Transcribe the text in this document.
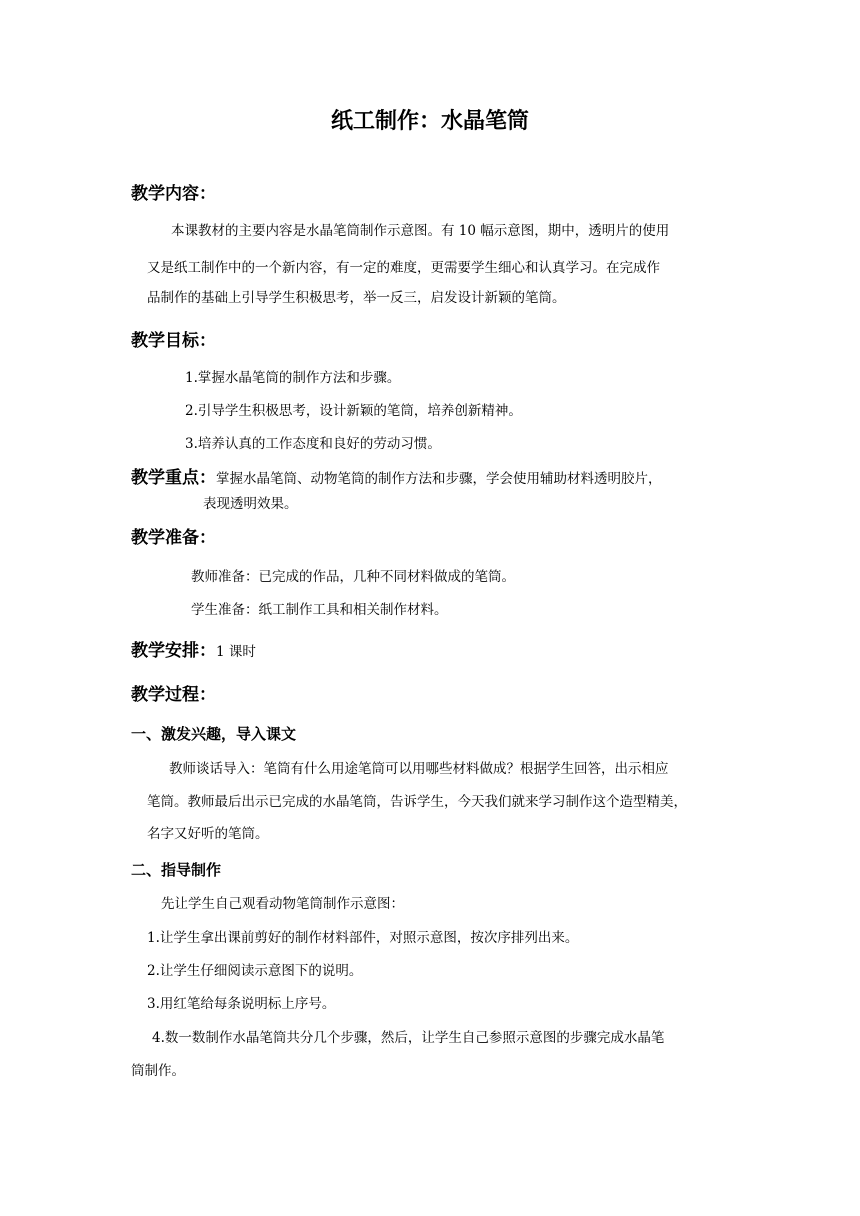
纸工制作：水晶笔筒
教学内容：
本课教材的主要内容是水晶笔筒制作示意图。有 10 幅示意图，期中，透明片的使用
又是纸工制作中的一个新内容，有一定的难度，更需要学生细心和认真学习。在完成作
品制作的基础上引导学生积极思考，举一反三，启发设计新颖的笔筒。
教学目标：
1.掌握水晶笔筒的制作方法和步骤。
2.引导学生积极思考，设计新颖的笔筒，培养创新精神。
3.培养认真的工作态度和良好的劳动习惯。
教学重点：掌握水晶笔筒、动物笔筒的制作方法和步骤，学会使用辅助材料透明胶片，
表现透明效果。
教学准备：
教师准备：已完成的作品，几种不同材料做成的笔筒。
学生准备：纸工制作工具和相关制作材料。
教学安排：1 课时
教学过程：
一、激发兴趣，导入课文
教师谈话导入：笔筒有什么用途笔筒可以用哪些材料做成？根据学生回答，出示相应
笔筒。教师最后出示已完成的水晶笔筒，告诉学生，今天我们就来学习制作这个造型精美，
名字又好听的笔筒。
二、指导制作
先让学生自己观看动物笔筒制作示意图：
1.让学生拿出课前剪好的制作材料部件，对照示意图，按次序排列出来。
2.让学生仔细阅读示意图下的说明。
3.用红笔给每条说明标上序号。
4.数一数制作水晶笔筒共分几个步骤，然后，让学生自己参照示意图的步骤完成水晶笔
筒制作。
